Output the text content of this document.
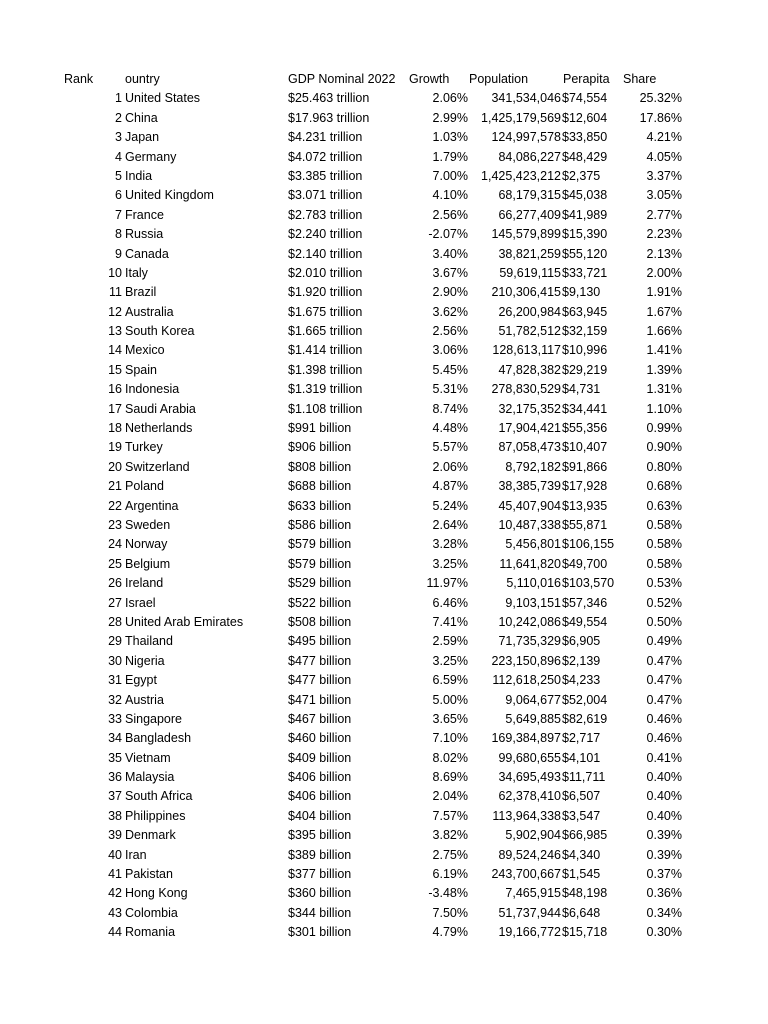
Rank	ountry	GDP Nominal 2022 Growth Population	Perapita Share
1 United States	$25.463 trillion	2.06% 341,534,046 $74,554	25.32%
2 China	$17.963 trillion	2.99% 1,425,179,569 $12,604	17.86%
3 Japan	$4.231 trillion	1.03% 124,997,578 $33,850	4.21%
4 Germany	$4.072 trillion	1.79% 84,086,227 $48,429	4.05%
5 India	$3.385 trillion	7.00% 1,425,423,212 $2,375	3.37%
6 United Kingdom	$3.071 trillion	4.10% 68,179,315 $45,038	3.05%
7 France	$2.783 trillion	2.56% 66,277,409 $41,989	2.77%
8 Russia	$2.240 trillion	-2.07% 145,579,899 $15,390	2.23%
9 Canada	$2.140 trillion	3.40% 38,821,259 $55,120	2.13%
10 Italy	$2.010 trillion	3.67%	59,619,115 $33,721	2.00%
11 Brazil	$1.920 trillion	2.90% 210,306,415 $9,130	1.91%
12 Australia	$1.675 trillion	3.62% 26,200,984 $63,945	1.67%
13 South Korea	$1.665 trillion	2.56% 51,782,512 $32,159	1.66%
14 Mexico	$1.414 trillion	3.06% 128,613,117 $10,996	1.41%
15 Spain	$1.398 trillion	5.45% 47,828,382 $29,219	1.39%
16 Indonesia	$1.319 trillion	5.31% 278,830,529 $4,731	1.31%
17 Saudi Arabia	$1.108 trillion	8.74% 32,175,352 $34,441	1.10%
18 Netherlands	$991 billion	4.48% 17,904,421 $55,356	0.99%
19 Turkey	$906 billion	5.57% 87,058,473 $10,407	0.90%
20 Switzerland	$808 billion	2.06%	8,792,182 $91,866	0.80%
21 Poland	$688 billion	4.87% 38,385,739 $17,928	0.68%
22 Argentina	$633 billion	5.24% 45,407,904 $13,935	0.63%
23 Sweden	$586 billion	2.64% 10,487,338 $55,871	0.58%
24 Norway	$579 billion	3.28%	5,456,801 $106,155	0.58%
25 Belgium	$579 billion	3.25%	11,641,820 $49,700	0.58%
26 Ireland	$529 billion	11.97%	5,110,016 $103,570	0.53%
27 Israel	$522 billion	6.46%	9,103,151 $57,346	0.52%
28 United Arab Emirates	$508 billion	7.41% 10,242,086 $49,554	0.50%
29 Thailand	$495 billion	2.59% 71,735,329 $6,905	0.49%
30 Nigeria	$477 billion	3.25% 223,150,896 $2,139	0.47%
31 Egypt	$477 billion	6.59% 112,618,250 $4,233	0.47%
32 Austria	$471 billion	5.00%	9,064,677 $52,004	0.47%
33 Singapore	$467 billion	3.65%	5,649,885 $82,619	0.46%
34 Bangladesh	$460 billion	7.10% 169,384,897 $2,717	0.46%
35 Vietnam	$409 billion	8.02% 99,680,655 $4,101	0.41%
36 Malaysia	$406 billion	8.69% 34,695,493 $11,711	0.40%
37 South Africa	$406 billion	2.04% 62,378,410 $6,507	0.40%
38 Philippines	$404 billion	7.57% 113,964,338 $3,547	0.40%
39 Denmark	$395 billion	3.82%	5,902,904 $66,985	0.39%
40 Iran	$389 billion	2.75% 89,524,246 $4,340	0.39%
41 Pakistan	$377 billion	6.19% 243,700,667 $1,545	0.37%
42 Hong Kong	$360 billion	-3.48%	7,465,915 $48,198	0.36%
43 Colombia	$344 billion	7.50% 51,737,944 $6,648	0.34%
44 Romania	$301 billion	4.79% 19,166,772 $15,718	0.30%
